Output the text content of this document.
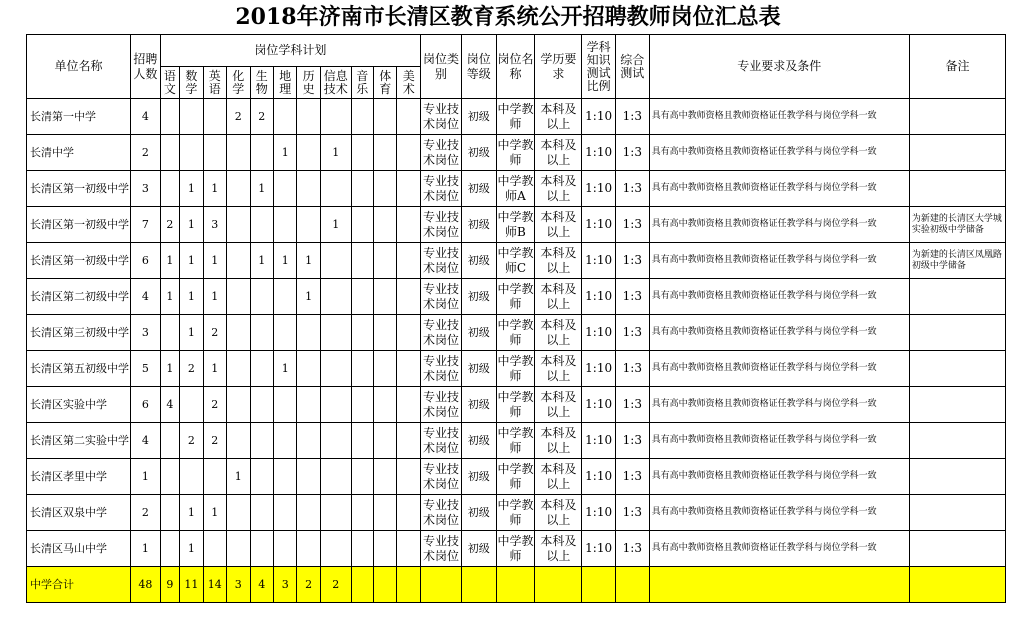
2018年济南市长清区教育系统公开招聘教师岗位汇总表
单位名称	招聘人数	岗位学科计划											岗位类别	岗位等级	岗位名称	学历要求	学科知识测试比例	综合测试	专业要求及条件	备注
		语文	数学	英语	化学	生物	地理	历史	信息技术	音乐	体育	美术								
长清第一中学	4				2	2							专业技术岗位	初级	中学教师	本科及以上	1:10	1:3	具有高中教师资格且教师资格证任教学科与岗位学科一致	
长清中学	2						1		1				专业技术岗位	初级	中学教师	本科及以上	1:10	1:3	具有高中教师资格且教师资格证任教学科与岗位学科一致	
长清区第一初级中学	3		1	1		1							专业技术岗位	初级	中学教师A	本科及以上	1:10	1:3	具有高中教师资格且教师资格证任教学科与岗位学科一致	
长清区第一初级中学	7	2	1	3					1				专业技术岗位	初级	中学教师B	本科及以上	1:10	1:3	具有高中教师资格且教师资格证任教学科与岗位学科一致	为新建的长清区大学城实验初级中学储备
长清区第一初级中学	6	1	1	1		1	1	1					专业技术岗位	初级	中学教师C	本科及以上	1:10	1:3	具有高中教师资格且教师资格证任教学科与岗位学科一致	为新建的长清区凤凰路初级中学储备
长清区第二初级中学	4	1	1	1				1					专业技术岗位	初级	中学教师	本科及以上	1:10	1:3	具有高中教师资格且教师资格证任教学科与岗位学科一致	
长清区第三初级中学	3		1	2									专业技术岗位	初级	中学教师	本科及以上	1:10	1:3	具有高中教师资格且教师资格证任教学科与岗位学科一致	
长清区第五初级中学	5	1	2	1			1						专业技术岗位	初级	中学教师	本科及以上	1:10	1:3	具有高中教师资格且教师资格证任教学科与岗位学科一致	
长清区实验中学	6	4		2									专业技术岗位	初级	中学教师	本科及以上	1:10	1:3	具有高中教师资格且教师资格证任教学科与岗位学科一致	
长清区第二实验中学	4		2	2									专业技术岗位	初级	中学教师	本科及以上	1:10	1:3	具有高中教师资格且教师资格证任教学科与岗位学科一致	
长清区孝里中学	1				1								专业技术岗位	初级	中学教师	本科及以上	1:10	1:3	具有高中教师资格且教师资格证任教学科与岗位学科一致	
长清区双泉中学	2		1	1									专业技术岗位	初级	中学教师	本科及以上	1:10	1:3	具有高中教师资格且教师资格证任教学科与岗位学科一致	
长清区马山中学	1		1										专业技术岗位	初级	中学教师	本科及以上	1:10	1:3	具有高中教师资格且教师资格证任教学科与岗位学科一致	
中学合计	48	9	11	14	3	4	3	2	2											
